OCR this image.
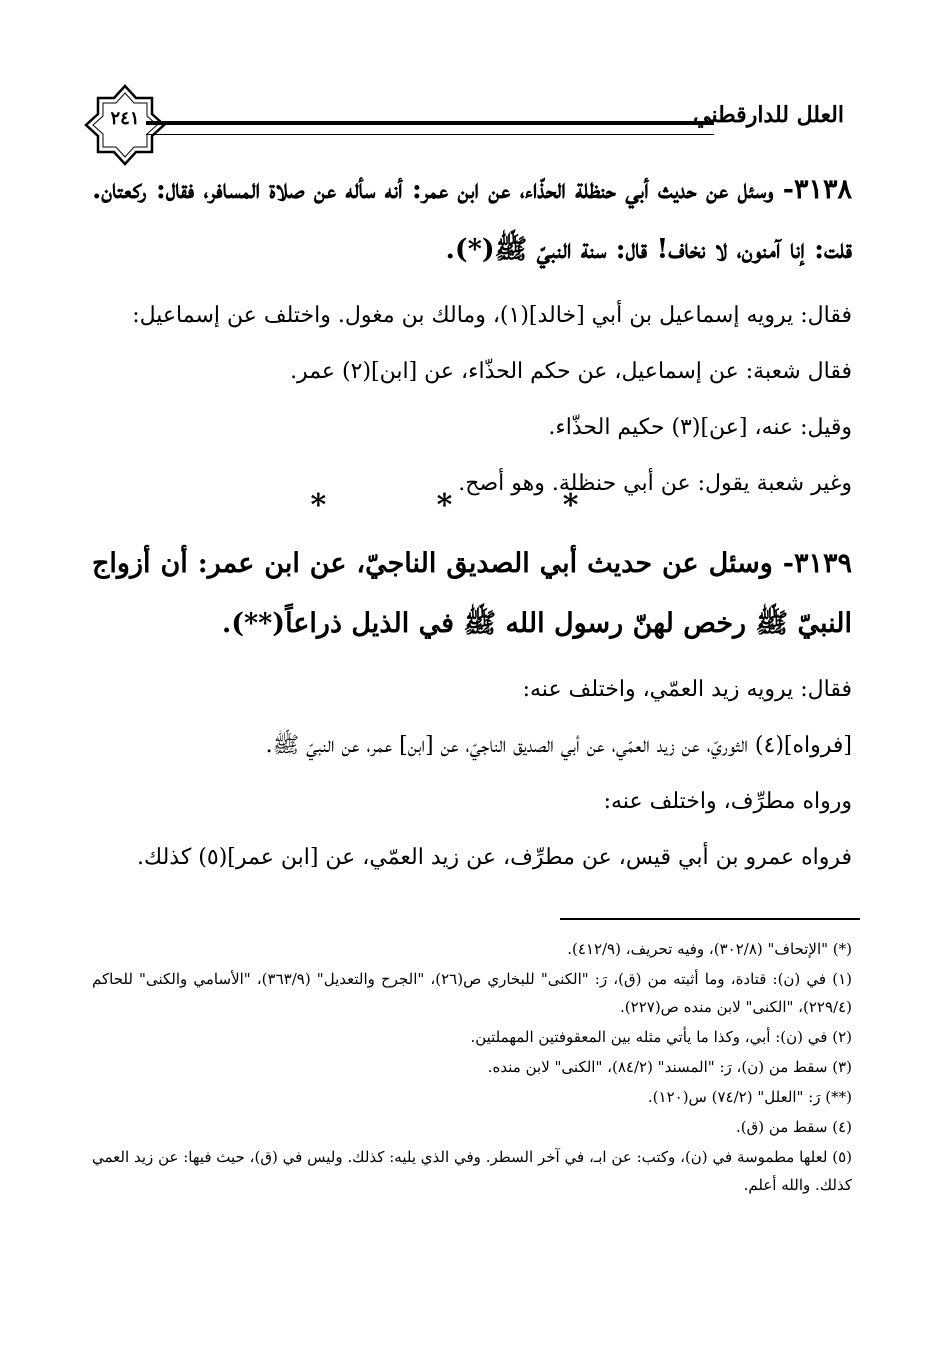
٢٤١	العلل للدارقطني

٣١٣٨- وسئل عن حديث أبي حنظلة الحذّاء، عن ابن عمر: أنه سأله عن صلاة المسافر، فقال: ركعتان. قلت: إنا آمنون، لا نخاف! قال: سنة النبيّ ﷺ(*).

فقال: يرويه إسماعيل بن أبي [خالد](١)، ومالك بن مغول. واختلف عن إسماعيل:

فقال شعبة: عن إسماعيل، عن حكم الحذّاء، عن [ابن](٢) عمر.

وقيل: عنه، [عن](٣) حكيم الحذّاء.

وغير شعبة يقول: عن أبي حنظلة. وهو أصح.

* * *

٣١٣٩- وسئل عن حديث أبي الصديق الناجيّ، عن ابن عمر: أن أزواج النبيّ ﷺ رخص لهنّ رسول الله ﷺ في الذيل ذراعاً(**).

فقال: يرويه زيد العمّي، واختلف عنه:

[فرواه](٤) الثوريّ، عن زيد العمّي، عن أبي الصديق الناجيّ، عن [ابن] عمر، عن النبيّ ﷺ.

ورواه مطرِّف، واختلف عنه:

فرواه عمرو بن أبي قيس، عن مطرِّف، عن زيد العمّي، عن [ابن عمر](٥) كذلك.

(*) "الإتحاف" (٣٠٢/٨)، وفيه تحريف، (٤١٢/٩).

(١) في (ن): قتادة، وما أثبته من (ق)، رَ: "الكنى" للبخاري ص(٢٦)، "الجرح والتعديل" (٣٦٣/٩)، "الأسامي والكنى" للحاكم (٢٢٩/٤)، "الكنى" لابن منده ص(٢٢٧).

(٢) في (ن): أبي، وكذا ما يأتي مثله بين المعقوفتين المهملتين.

(٣) سقط من (ن)، رَ: "المسند" (٨٤/٢)، "الكنى" لابن منده.

(**) رَ: "العلل" (٧٤/٢) س(١٢٠).

(٤) سقط من (ق).

(٥) لعلها مطموسة في (ن)، وكتب: عن ابـ، في آخر السطر. وفي الذي يليه: كذلك. وليس في (ق)، حيث فيها: عن زيد العمي كذلك. والله أعلم.
